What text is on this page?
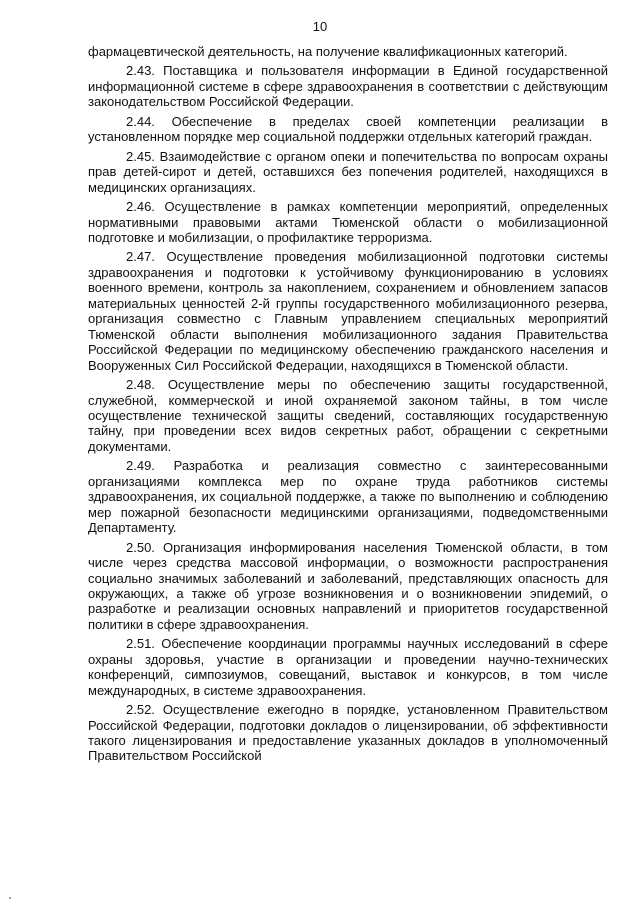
10

фармацевтической деятельность, на получение квалификационных категорий.

2.43. Поставщика и пользователя информации в Единой государственной информационной системе в сфере здравоохранения в соответствии с действующим законодательством Российской Федерации.

2.44. Обеспечение в пределах своей компетенции реализации в установленном порядке мер социальной поддержки отдельных категорий граждан.

2.45. Взаимодействие с органом опеки и попечительства по вопросам охраны прав детей-сирот и детей, оставшихся без попечения родителей, находящихся в медицинских организациях.

2.46. Осуществление в рамках компетенции мероприятий, определенных нормативными правовыми актами Тюменской области о мобилизационной подготовке и мобилизации, о профилактике терроризма.

2.47. Осуществление проведения мобилизационной подготовки системы здравоохранения и подготовки к устойчивому функционированию в условиях военного времени, контроль за накоплением, сохранением и обновлением запасов материальных ценностей 2-й группы государственного мобилизационного резерва, организация совместно с Главным управлением специальных мероприятий Тюменской области выполнения мобилизационного задания Правительства Российской Федерации по медицинскому обеспечению гражданского населения и Вооруженных Сил Российской Федерации, находящихся в Тюменской области.

2.48. Осуществление меры по обеспечению защиты государственной, служебной, коммерческой и иной охраняемой законом тайны, в том числе осуществление технической защиты сведений, составляющих государственную тайну, при проведении всех видов секретных работ, обращении с секретными документами.

2.49. Разработка и реализация совместно с заинтересованными организациями комплекса мер по охране труда работников системы здравоохранения, их социальной поддержке, а также по выполнению и соблюдению мер пожарной безопасности медицинскими организациями, подведомственными Департаменту.

2.50. Организация информирования населения Тюменской области, в том числе через средства массовой информации, о возможности распространения социально значимых заболеваний и заболеваний, представляющих опасность для окружающих, а также об угрозе возникновения и о возникновении эпидемий, о разработке и реализации основных направлений и приоритетов государственной политики в сфере здравоохранения.

2.51. Обеспечение координации программы научных исследований в сфере охраны здоровья, участие в организации и проведении научно-технических конференций, симпозиумов, совещаний, выставок и конкурсов, в том числе международных, в системе здравоохранения.

2.52. Осуществление ежегодно в порядке, установленном Правительством Российской Федерации, подготовки докладов о лицензировании, об эффективности такого лицензирования и предоставление указанных докладов в уполномоченный Правительством Российской
